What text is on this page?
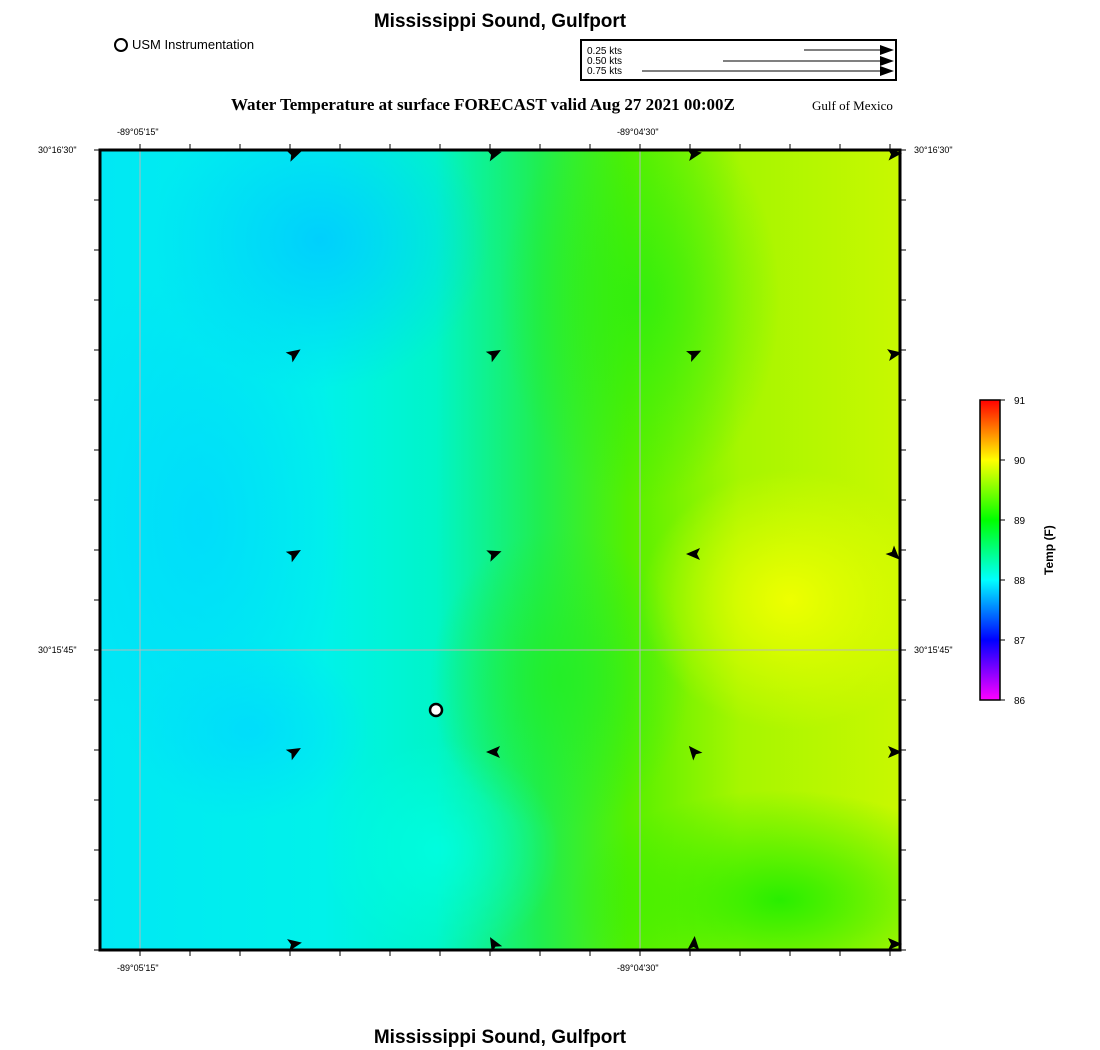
Mississippi Sound, Gulfport
USM Instrumentation	0.25 kts
0.50 kts
0.75 kts
Water Temperature at surface FORECAST valid Aug 27 2021 00:00Z	Gulf of Mexico
-89°05'15"	-89°04'30"
30°16'30"
30°15'45"
30°16'30"
30°15'45"
-89°05'15"	-89°04'30"
91
90
89
88
87
86
Temp (F)
Mississippi Sound, Gulfport
